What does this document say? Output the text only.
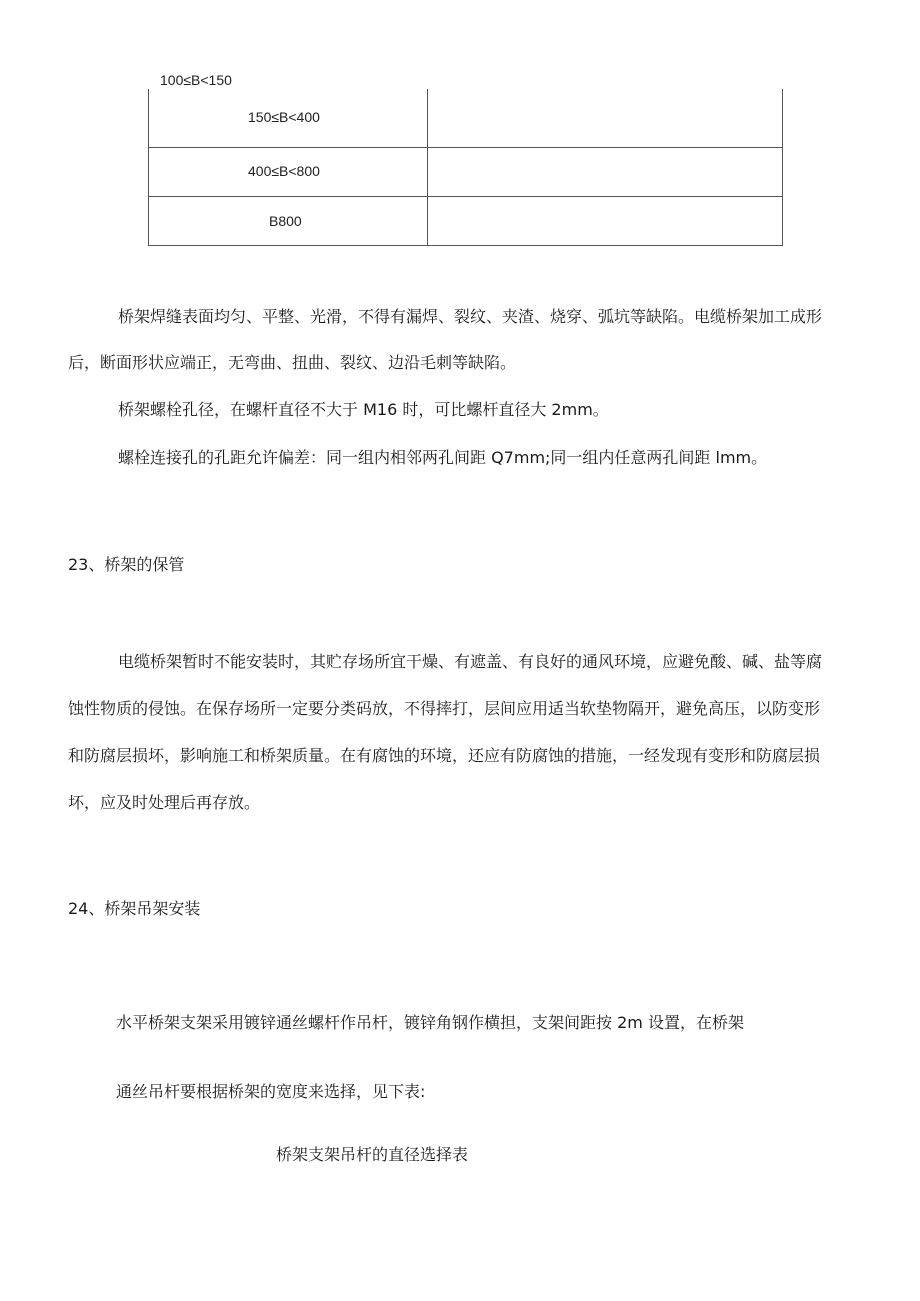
100≤B<150
150≤B<400
400≤B<800
B800
桥架焊缝表面均匀、平整、光滑，不得有漏焊、裂纹、夹渣、烧穿、弧坑等缺陷。电缆桥架加工成形
后，断面形状应端正，无弯曲、扭曲、裂纹、边沿毛刺等缺陷。
桥架螺栓孔径，在螺杆直径不大于 M16 时，可比螺杆直径大 2mm。
螺栓连接孔的孔距允许偏差：同一组内相邻两孔间距 Q7mm;同一组内任意两孔间距 lmm。
23、桥架的保管
电缆桥架暂时不能安装时，其贮存场所宜干燥、有遮盖、有良好的通风环境，应避免酸、碱、盐等腐
蚀性物质的侵蚀。在保存场所一定要分类码放，不得摔打，层间应用适当软垫物隔开，避免高压，以防变形
和防腐层损坏，影响施工和桥架质量。在有腐蚀的环境，还应有防腐蚀的措施，一经发现有变形和防腐层损
坏，应及时处理后再存放。
24、桥架吊架安装
水平桥架支架采用镀锌通丝螺杆作吊杆，镀锌角钢作横担，支架间距按 2m 设置，在桥架
通丝吊杆要根据桥架的宽度来选择，见下表:
桥架支架吊杆的直径选择表
